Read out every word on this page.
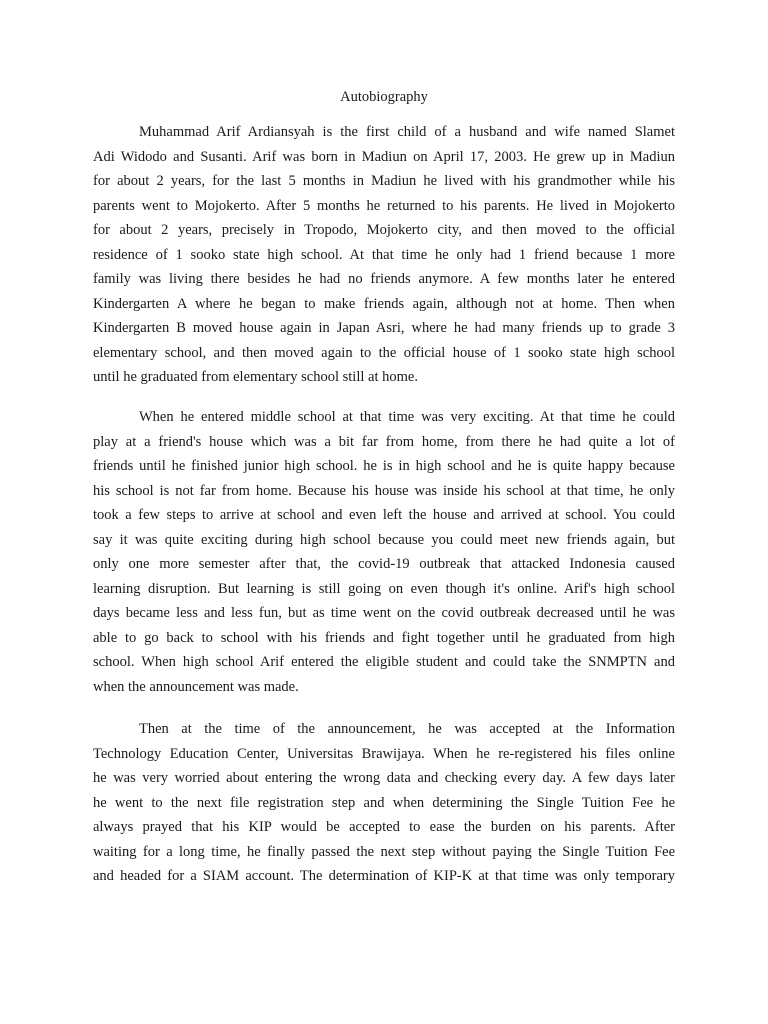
Autobiography
Muhammad Arif Ardiansyah is the first child of a husband and wife named Slamet
Adi Widodo and Susanti. Arif was born in Madiun on April 17, 2003. He grew up in Madiun
for about 2 years, for the last 5 months in Madiun he lived with his grandmother while his
parents went to Mojokerto. After 5 months he returned to his parents. He lived in Mojokerto
for about 2 years, precisely in Tropodo, Mojokerto city, and then moved to the official
residence of 1 sooko state high school. At that time he only had 1 friend because 1 more
family was living there besides he had no friends anymore. A few months later he entered
Kindergarten A where he began to make friends again, although not at home. Then when
Kindergarten B moved house again in Japan Asri, where he had many friends up to grade 3
elementary school, and then moved again to the official house of 1 sooko state high school
until he graduated from elementary school still at home.
When he entered middle school at that time was very exciting. At that time he could
play at a friend's house which was a bit far from home, from there he had quite a lot of
friends until he finished junior high school. he is in high school and he is quite happy because
his school is not far from home. Because his house was inside his school at that time, he only
took a few steps to arrive at school and even left the house and arrived at school. You could
say it was quite exciting during high school because you could meet new friends again, but
only one more semester after that, the covid-19 outbreak that attacked Indonesia caused
learning disruption. But learning is still going on even though it's online. Arif's high school
days became less and less fun, but as time went on the covid outbreak decreased until he was
able to go back to school with his friends and fight together until he graduated from high
school. When high school Arif entered the eligible student and could take the SNMPTN and
when the announcement was made.
Then at the time of the announcement, he was accepted at the Information
Technology Education Center, Universitas Brawijaya. When he re-registered his files online
he was very worried about entering the wrong data and checking every day. A few days later
he went to the next file registration step and when determining the Single Tuition Fee he
always prayed that his KIP would be accepted to ease the burden on his parents. After
waiting for a long time, he finally passed the next step without paying the Single Tuition Fee
and headed for a SIAM account. The determination of KIP-K at that time was only temporary
